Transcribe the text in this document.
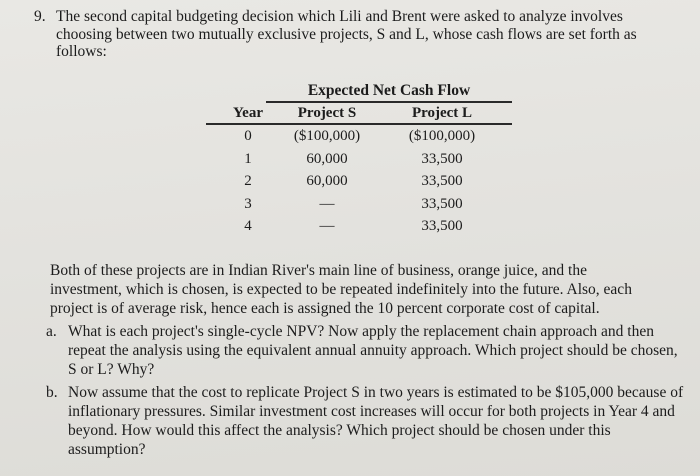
9. The second capital budgeting decision which Lili and Brent were asked to analyze involves
choosing between two mutually exclusive projects, S and L, whose cash flows are set forth as
follows:
Expected Net Cash Flow
Year	Project S	Project L
0	($100,000)	($100,000)
1	60,000	33,500
2	60,000	33,500
3	—	33,500
4	—	33,500
Both of these projects are in Indian River's main line of business, orange juice, and the
investment, which is chosen, is expected to be repeated indefinitely into the future. Also, each
project is of average risk, hence each is assigned the 10 percent corporate cost of capital.
a. What is each project's single-cycle NPV? Now apply the replacement chain approach and then repeat the analysis using the equivalent annual annuity approach. Which project should be chosen, S or L? Why?
b. Now assume that the cost to replicate Project S in two years is estimated to be $105,000 because of inflationary pressures. Similar investment cost increases will occur for both projects in Year 4 and beyond. How would this affect the analysis? Which project should be chosen under this assumption?
